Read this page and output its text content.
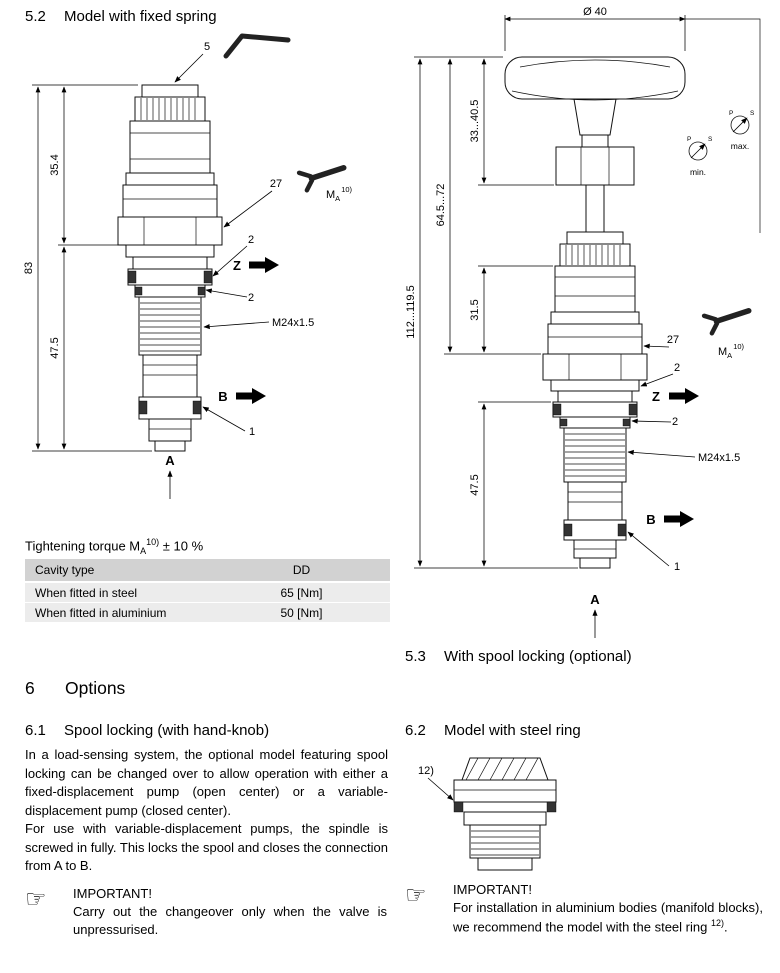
5.2	Model with fixed spring
35.4
47.5
83
5
27
$M_A^{10)}$
2
Z
2
M24x1.5
B
1
A
Tightening torque $M_A^{10)} \pm 10$ %
Cavity type	DD
When fitted in steel	65 [Nm]
When fitted in aluminium	50 [Nm]
Ø 40
P	S
min.
P	S
max.
33...40.5
31.5
47.5
64.5...72
112...119.5
27
$M_A^{10)}$
2
Z
2
M24x1.5
B
1
A
5.3	With spool locking (optional)
6	Options
6.1	Spool locking (with hand-knob)
In a load-sensing system, the optional model featuring spool locking can be changed over to allow operation with either a fixed-displacement pump (open center) or a variable-displacement pump (closed center).
For use with variable-displacement pumps, the spindle is screwed in fully. This locks the spool and closes the connection from A to B.
☞	IMPORTANT!
Carry out the changeover only when the valve is unpressurised.
6.2	Model with steel ring
12)
☞	IMPORTANT!
For installation in aluminium bodies (manifold blocks), we recommend the model with the steel ring $^{12)}$.
